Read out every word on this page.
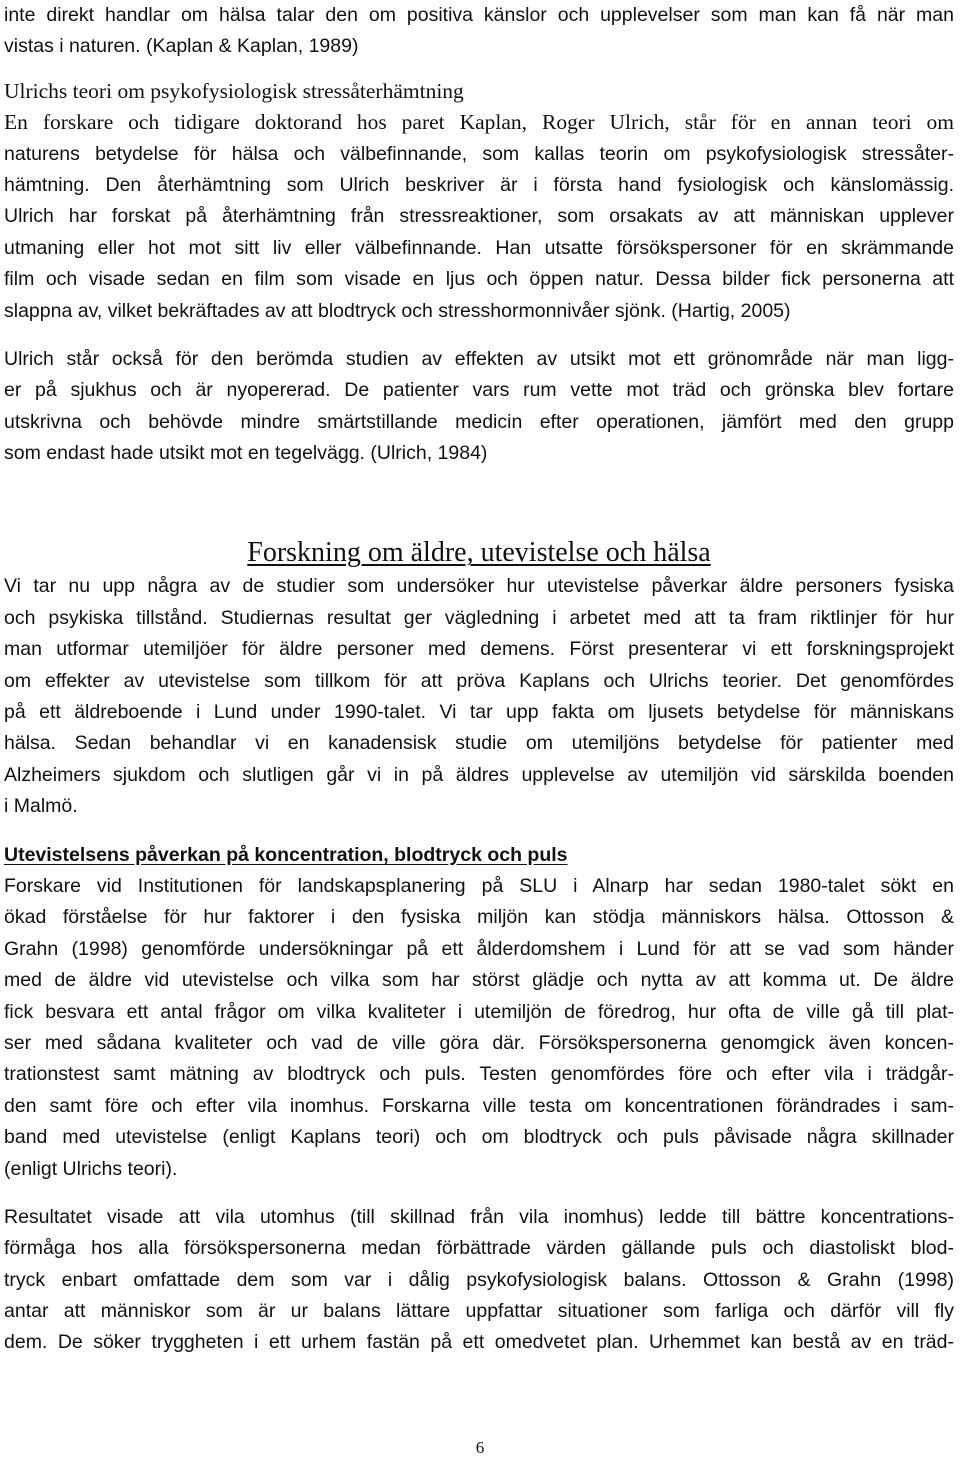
inte direkt handlar om hälsa talar den om positiva känslor och upplevelser som man kan få när man
vistas i naturen. (Kaplan & Kaplan, 1989)
Ulrichs teori om psykofysiologisk stressåterhämtning
En forskare och tidigare doktorand hos paret Kaplan, Roger Ulrich, står för en annan teori om
naturens betydelse för hälsa och välbefinnande, som kallas teorin om psykofysiologisk stressåter-
hämtning. Den återhämtning som Ulrich beskriver är i första hand fysiologisk och känslomässig.
Ulrich har forskat på återhämtning från stressreaktioner, som orsakats av att människan upplever
utmaning eller hot mot sitt liv eller välbefinnande. Han utsatte försökspersoner för en skrämmande
film och visade sedan en film som visade en ljus och öppen natur. Dessa bilder fick personerna att
slappna av, vilket bekräftades av att blodtryck och stresshormonnivåer sjönk. (Hartig, 2005)
Ulrich står också för den berömda studien av effekten av utsikt mot ett grönområde när man ligg-
er på sjukhus och är nyopererad. De patienter vars rum vette mot träd och grönska blev fortare
utskrivna och behövde mindre smärtstillande medicin efter operationen, jämfört med den grupp
som endast hade utsikt mot en tegelvägg. (Ulrich, 1984)
Forskning om äldre, utevistelse och hälsa
Vi tar nu upp några av de studier som undersöker hur utevistelse påverkar äldre personers fysiska
och psykiska tillstånd. Studiernas resultat ger vägledning i arbetet med att ta fram riktlinjer för hur
man utformar utemiljöer för äldre personer med demens. Först presenterar vi ett forskningsprojekt
om effekter av utevistelse som tillkom för att pröva Kaplans och Ulrichs teorier. Det genomfördes
på ett äldreboende i Lund under 1990-talet. Vi tar upp fakta om ljusets betydelse för människans
hälsa. Sedan behandlar vi en kanadensisk studie om utemiljöns betydelse för patienter med
Alzheimers sjukdom och slutligen går vi in på äldres upplevelse av utemiljön vid särskilda boenden
i Malmö.
Utevistelsens påverkan på koncentration, blodtryck och puls
Forskare vid Institutionen för landskapsplanering på SLU i Alnarp har sedan 1980-talet sökt en
ökad förståelse för hur faktorer i den fysiska miljön kan stödja människors hälsa. Ottosson &
Grahn (1998) genomförde undersökningar på ett ålderdomshem i Lund för att se vad som händer
med de äldre vid utevistelse och vilka som har störst glädje och nytta av att komma ut. De äldre
fick besvara ett antal frågor om vilka kvaliteter i utemiljön de föredrog, hur ofta de ville gå till plat-
ser med sådana kvaliteter och vad de ville göra där. Försökspersonerna genomgick även koncen-
trationstest samt mätning av blodtryck och puls. Testen genomfördes före och efter vila i trädgår-
den samt före och efter vila inomhus. Forskarna ville testa om koncentrationen förändrades i sam-
band med utevistelse (enligt Kaplans teori) och om blodtryck och puls påvisade några skillnader
(enligt Ulrichs teori).
Resultatet visade att vila utomhus (till skillnad från vila inomhus) ledde till bättre koncentrations-
förmåga hos alla försökspersonerna medan förbättrade värden gällande puls och diastoliskt blod-
tryck enbart omfattade dem som var i dålig psykofysiologisk balans. Ottosson & Grahn (1998)
antar att människor som är ur balans lättare uppfattar situationer som farliga och därför vill fly
dem. De söker tryggheten i ett urhem fastän på ett omedvetet plan. Urhemmet kan bestå av en träd-
6
